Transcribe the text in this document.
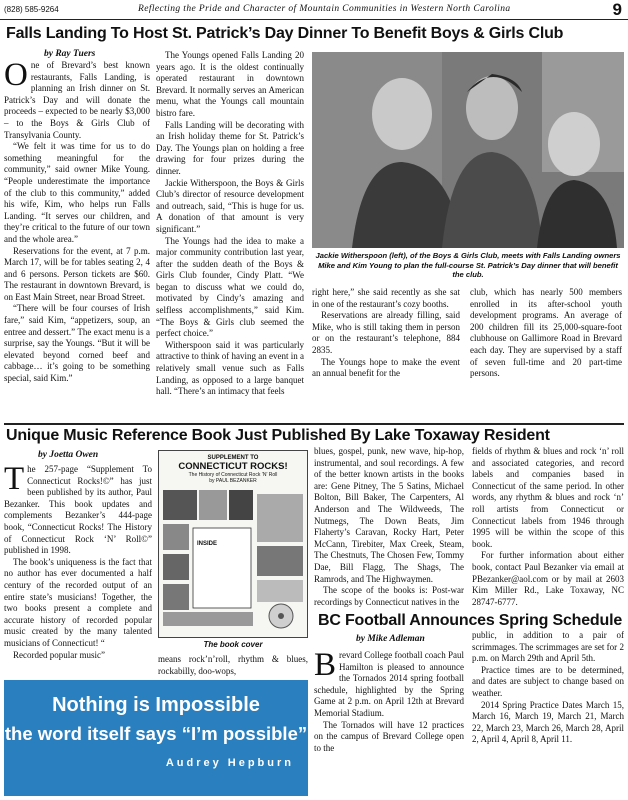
(828) 585-9264	Reflecting the Pride and Character of Mountain Communities in Western North Carolina	9
Falls Landing To Host St. Patrick’s Day Dinner To Benefit Boys & Girls Club
by Ray Tuers

One of Brevard’s best known restaurants, Falls Landing, is planning an Irish dinner on St. Patrick’s Day and will donate the proceeds – expected to be nearly $3,000 – to the Boys & Girls Club of Transylvania County.

“We felt it was time for us to do something meaningful for the community,” said owner Mike Young. “People underestimate the importance of the club to this community,” added his wife, Kim, who helps run Falls Landing. “It serves our children, and they’re critical to the future of our town and the whole area.”

Reservations for the event, at 7 p.m. March 17, will be for tables seating 2, 4 and 6 persons. Person tickets are $60. The restaurant in downtown Brevard, is on East Main Street, near Broad Street.

“There will be four courses of Irish fare,” said Kim, “appetizers, soup, an entree and dessert.” The exact menu is a surprise, say the Youngs. “But it will be elevated beyond corned beef and cabbage… it’s going to be something special, said Kim.”

The Youngs opened Falls Landing 20 years ago. It is the oldest continually operated restaurant in downtown Brevard. It normally serves an American menu, what the Youngs call mountain bistro fare.

Falls Landing will be decorating with an Irish holiday theme for St. Patrick’s Day. The Youngs plan on holding a free drawing for four prizes during the dinner.

Jackie Witherspoon, the Boys & Girls Club’s director of resource development and outreach, said, “This is huge for us. A donation of that amount is very significant.”

The Youngs had the idea to make a major community contribution last year, after the sudden death of the Boys & Girls Club founder, Cindy Platt. “We began to discuss what we could do, motivated by Cindy’s amazing and selfless accomplishments,” said Kim. “The Boys & Girls club seemed the perfect choice.”

Witherspoon said it was particularly attractive to think of having an event in a relatively small venue such as Falls Landing, as opposed to a large banquet hall. “There’s an intimacy that feels

Jackie Witherspoon (left), of the Boys & Girls Club, meets with Falls Landing owners Mike and Kim Young to plan the full-course St. Patrick’s Day dinner that will benefit the club.

right here,” she said recently as she sat in one of the restaurant’s cozy booths.

Reservations are already filling, said Mike, who is still taking them in person or on the restaurant’s telephone, 884 2835.

The Youngs hope to make the event an annual benefit for the

club, which has nearly 500 members enrolled in its after-school youth development programs. An average of 200 children fill its 25,000-square-foot clubhouse on Gallimore Road in Brevard each day. They are supervised by a staff of seven full-time and 20 part-time persons.

Unique Music Reference Book Just Published By Lake Toxaway Resident
by Joetta Owen

The 257-page “Supplement To Connecticut Rocks!©” has just been published by its author, Paul Bezanker. This book updates and complements Bezanker’s 444-page book, “Connecticut Rocks! The History of Connecticut Rock ‘N’ Roll©” published in 1998.

The book’s uniqueness is the fact that no author has ever documented a half century of the recorded output of an entire state’s musicians! Together, the two books present a complete and accurate history of recorded popular music created by the many talented musicians of Connecticut! “

Recorded popular music”

SUPPLEMENT TO
CONNECTICUT ROCKS!
The History of Connecticut Rock ‘N’ Roll
by PAUL BEZANKER
INSIDE
The book cover

means rock’n’roll, rhythm & blues, rockabilly, doo-wops,

blues, gospel, punk, new wave, hip-hop, instrumental, and soul recordings. A few of the better known artists in the books are: Gene Pitney, The 5 Satins, Michael Bolton, Bill Baker, The Carpenters, Al Anderson and The Wildweeds, The Nutmegs, The Down Beats, Jim Flaherty’s Caravan, Rocky Hart, Peter McCann, Tirebiter, Max Creek, Steam, The Chestnuts, The Chosen Few, Tommy Dae, Bill Flagg, The Shags, The Ramrods, and The Highwaymen.

The scope of the books is: Post-war recordings by Connecticut natives in the

fields of rhythm & blues and rock ‘n’ roll and associated categories, and record labels and companies based in Connecticut of the same period. In other words, any rhythm & blues and rock ‘n’ roll artists from Connecticut or Connecticut labels from 1946 through 1995 will be within the scope of this book.

For further information about either book, contact Paul Bezanker via email at PBezanker@aol.com or by mail at 2603 Kim Miller Rd., Lake Toxaway, NC 28747-6777.

BC Football Announces Spring Schedule
by Mike Adleman

Brevard College football coach Paul Hamilton is pleased to announce the Tornados 2014 spring football schedule, highlighted by the Spring Game at 2 p.m. on April 12th at Brevard Memorial Stadium.

The Tornados will have 12 practices on the campus of Brevard College open to the

public, in addition to a pair of scrimmages. The scrimmages are set for 2 p.m. on March 29th and April 5th.

Practice times are to be determined, and dates are subject to change based on weather.

2014 Spring Practice Dates March 15, March 16, March 19, March 21, March 22, March 23, March 26, March 28, April 2, April 4, April 8, April 11.

Nothing is Impossible
the word itself says “I’m possible”
Audrey Hepburn
